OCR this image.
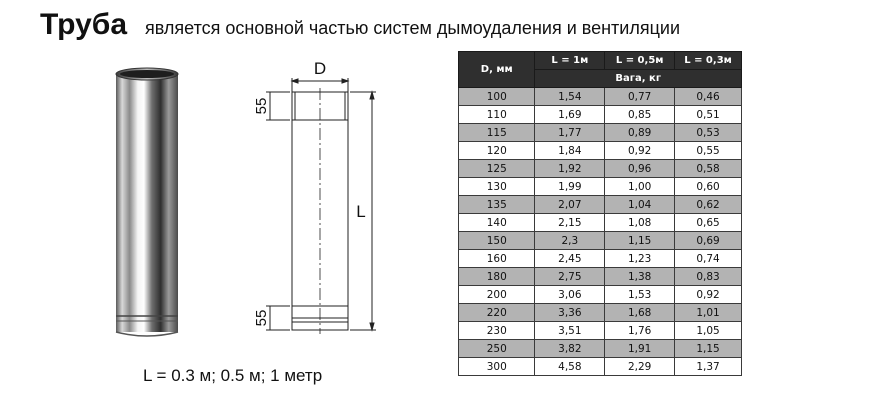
Труба является основной частью систем дымоудаления и вентиляции
D
L
55
55
L = 0.3 м; 0.5 м; 1 метр
D, мм	L = 1м	L = 0,5м	L = 0,3м
	Вага, кг		
100	1,54	0,77	0,46
110	1,69	0,85	0,51
115	1,77	0,89	0,53
120	1,84	0,92	0,55
125	1,92	0,96	0,58
130	1,99	1,00	0,60
135	2,07	1,04	0,62
140	2,15	1,08	0,65
150	2,3	1,15	0,69
160	2,45	1,23	0,74
180	2,75	1,38	0,83
200	3,06	1,53	0,92
220	3,36	1,68	1,01
230	3,51	1,76	1,05
250	3,82	1,91	1,15
300	4,58	2,29	1,37
